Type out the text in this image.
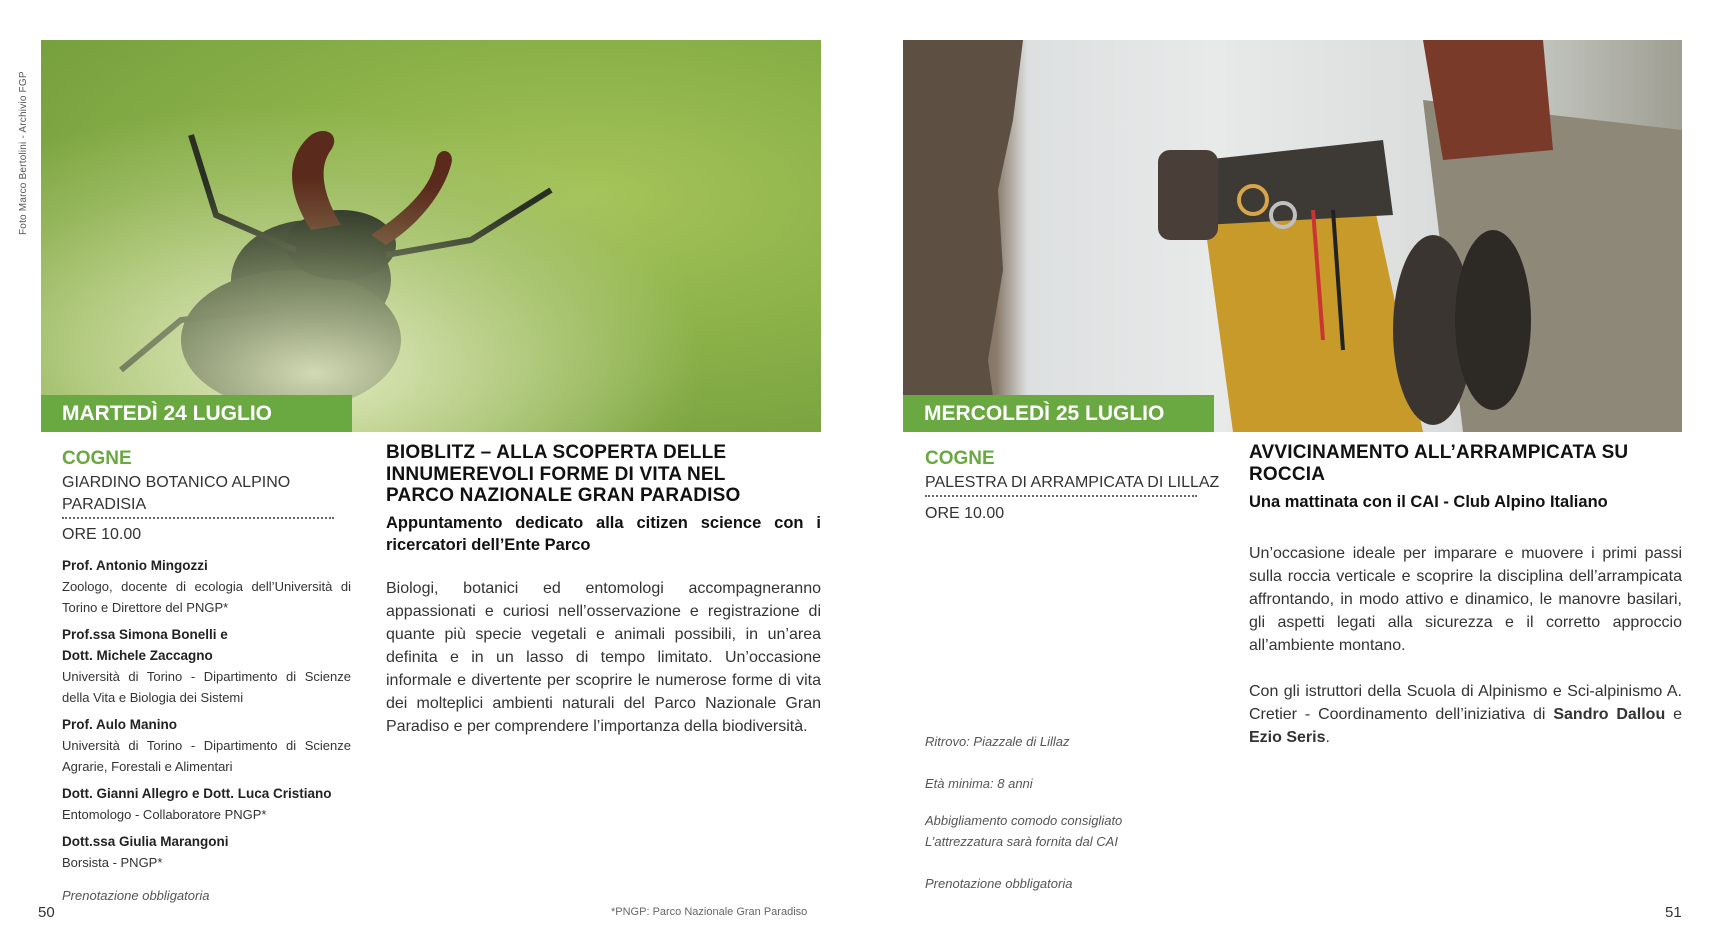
Foto Marco Bertolini - Archivio FGP
MARTEDÌ 24 LUGLIO	MERCOLEDÌ 25 LUGLIO
COGNE
GIARDINO BOTANICO ALPINO
PARADISIA
ORE 10.00
Prof. Antonio Mingozzi
Zoologo, docente di ecologia dell’Università di Torino e Direttore del PNGP*
Prof.ssa Simona Bonelli e
Dott. Michele Zaccagno
Università di Torino - Dipartimento di Scienze della Vita e Biologia dei Sistemi
Prof. Aulo Manino
Università di Torino - Dipartimento di Scienze Agrarie, Forestali e Alimentari
Dott. Gianni Allegro e Dott. Luca Cristiano
Entomologo - Collaboratore PNGP*
Dott.ssa Giulia Marangoni
Borsista - PNGP*
Prenotazione obbligatoria
50
BIOBLITZ – ALLA SCOPERTA DELLE INNUMEREVOLI FORME DI VITA NEL PARCO NAZIONALE GRAN PARADISO
Appuntamento dedicato alla citizen science con i ricercatori dell’Ente Parco
Biologi, botanici ed entomologi accompagneranno appassionati e curiosi nell’osservazione e registrazione di quante più specie vegetali e animali possibili, in un’area definita e in un lasso di tempo limitato. Un’occasione informale e divertente per scoprire le numerose forme di vita dei molteplici ambienti naturali del Parco Nazionale Gran Paradiso e per comprendere l’importanza della biodiversità.
*PNGP: Parco Nazionale Gran Paradiso
COGNE
PALESTRA DI ARRAMPICATA DI LILLAZ
ORE 10.00
Ritrovo: Piazzale di Lillaz
Età minima: 8 anni
Abbigliamento comodo consigliato
L’attrezzatura sarà fornita dal CAI
Prenotazione obbligatoria
AVVICINAMENTO ALL’ARRAMPICATA SU ROCCIA
Una mattinata con il CAI - Club Alpino Italiano
Un’occasione ideale per imparare e muovere i primi passi sulla roccia verticale e scoprire la disciplina dell’arrampicata affrontando, in modo attivo e dinamico, le manovre basilari, gli aspetti legati alla sicurezza e il corretto approccio all’ambiente montano.
Con gli istruttori della Scuola di Alpinismo e Sci-alpinismo A. Cretier - Coordinamento dell’iniziativa di Sandro Dallou e Ezio Seris.
51
